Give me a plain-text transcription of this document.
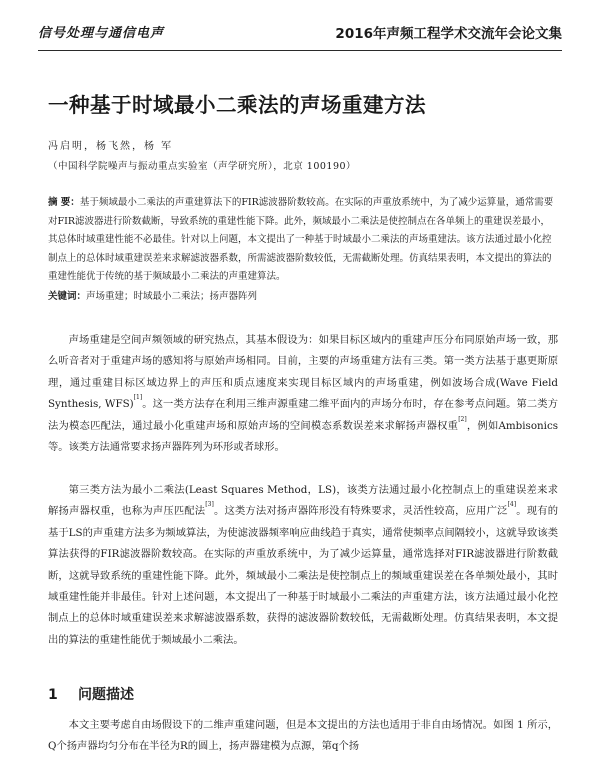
信号处理与通信电声	2016年声频工程学术交流年会论文集
一种基于时域最小二乘法的声场重建方法
冯启明，杨飞然，杨 军
（中国科学院噪声与振动重点实验室（声学研究所），北京 100190）
摘 要：基于频域最小二乘法的声重建算法下的FIR滤波器阶数较高。在实际的声重放系统中，为了减少运算量，通常需要对FIR滤波器进行阶数截断，导致系统的重建性能下降。此外，频域最小二乘法是使控制点在各单频上的重建误差最小，其总体时域重建性能不必最佳。针对以上问题，本文提出了一种基于时域最小二乘法的声场重建法。该方法通过最小化控制点上的总体时域重建误差来求解滤波器系数，所需滤波器阶数较低，无需截断处理。仿真结果表明，本文提出的算法的重建性能优于传统的基于频域最小二乘法的声重建算法。
关键词：声场重建；时域最小二乘法；扬声器阵列
声场重建是空间声频领域的研究热点，其基本假设为：如果目标区域内的重建声压分布同原始声场一致，那么听音者对于重建声场的感知将与原始声场相同。目前，主要的声场重建方法有三类。第一类方法基于惠更斯原理，通过重建目标区域边界上的声压和质点速度来实现目标区域内的声场重建，例如波场合成(Wave Field Synthesis, WFS)[1]。这一类方法存在利用三维声源重建二维平面内的声场分布时，存在参考点问题。第二类方法为模态匹配法，通过最小化重建声场和原始声场的空间模态系数误差来求解扬声器权重[2]，例如Ambisonics等。该类方法通常要求扬声器阵列为环形或者球形。
第三类方法为最小二乘法(Least Squares Method，LS)，该类方法通过最小化控制点上的重建误差来求解扬声器权重，也称为声压匹配法[3]。这类方法对扬声器阵形没有特殊要求，灵活性较高，应用广泛[4]。现有的基于LS的声重建方法多为频域算法，为使滤波器频率响应曲线趋于真实，通常使频率点间隔较小，这就导致该类算法获得的FIR滤波器阶数较高。在实际的声重放系统中，为了减少运算量，通常选择对FIR滤波器进行阶数截断，这就导致系统的重建性能下降。此外，频域最小二乘法是使控制点上的频域重建误差在各单频处最小，其时域重建性能并非最佳。针对上述问题，本文提出了一种基于时域最小二乘法的声重建方法，该方法通过最小化控制点上的总体时域重建误差来求解滤波器系数，获得的滤波器阶数较低，无需截断处理。仿真结果表明，本文提出的算法的重建性能优于频域最小二乘法。
1 问题描述
本文主要考虑自由场假设下的二维声重建问题，但是本文提出的方法也适用于非自由场情况。如图 1 所示，Q个扬声器均匀分布在半径为R的圆上，扬声器建模为点源，第q个扬
